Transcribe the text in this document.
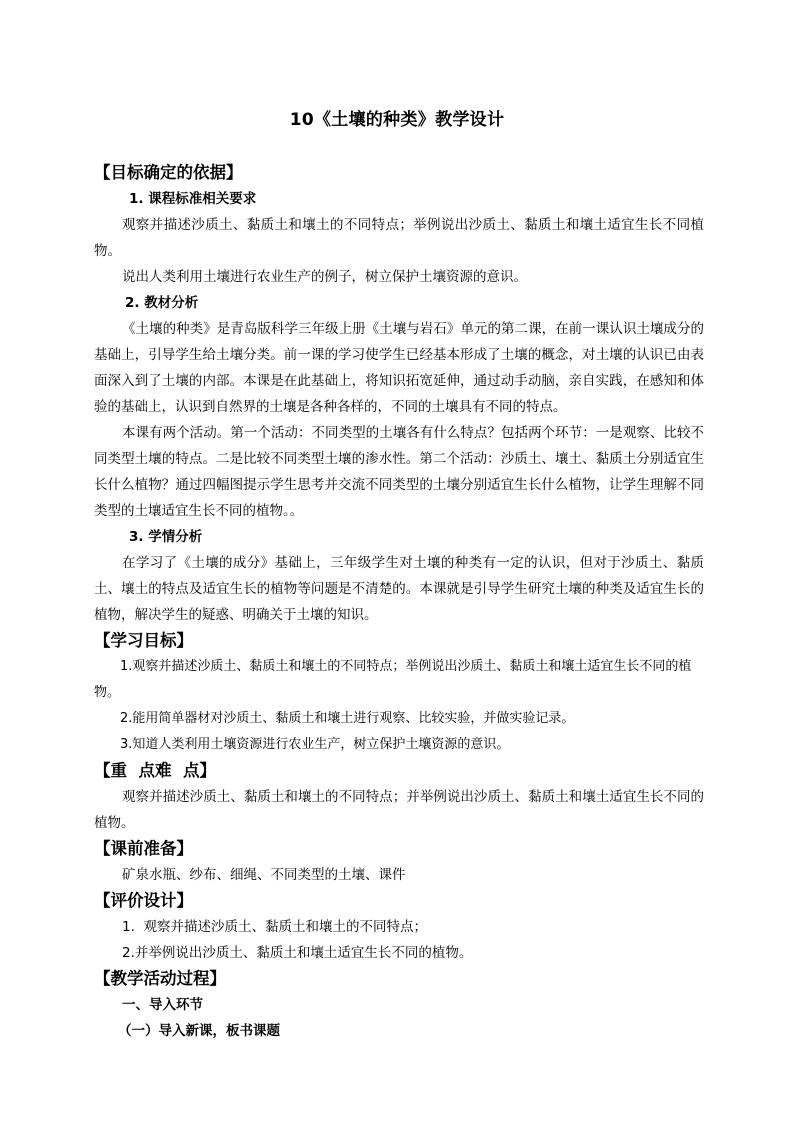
10《土壤的种类》教学设计
【目标确定的依据】
1. 课程标准相关要求

观察并描述沙质土、黏质土和壤土的不同特点；举例说出沙质土、黏质土和壤土适宜生长不同植物。

说出人类利用土壤进行农业生产的例子，树立保护土壤资源的意识。

2. 教材分析

《土壤的种类》是青岛版科学三年级上册《土壤与岩石》单元的第二课，在前一课认识土壤成分的基础上，引导学生给土壤分类。前一课的学习使学生已经基本形成了土壤的概念，对土壤的认识已由表面深入到了土壤的内部。本课是在此基础上，将知识拓宽延伸，通过动手动脑，亲自实践，在感知和体验的基础上，认识到自然界的土壤是各种各样的，不同的土壤具有不同的特点。

本课有两个活动。第一个活动：不同类型的土壤各有什么特点？包括两个环节：一是观察、比较不同类型土壤的特点。二是比较不同类型土壤的渗水性。第二个活动：沙质土、壤土、黏质土分别适宜生长什么植物？通过四幅图提示学生思考并交流不同类型的土壤分别适宜生长什么植物，让学生理解不同类型的土壤适宜生长不同的植物。。

3. 学情分析

在学习了《土壤的成分》基础上，三年级学生对土壤的种类有一定的认识，但对于沙质土、黏质土、壤土的特点及适宜生长的植物等问题是不清楚的。本课就是引导学生研究土壤的种类及适宜生长的植物，解决学生的疑惑、明确关于土壤的知识。

【学习目标】

1.观察并描述沙质土、黏质土和壤土的不同特点；举例说出沙质土、黏质土和壤土适宜生长不同的植物。

2.能用简单器材对沙质土、黏质土和壤土进行观察、比较实验，并做实验记录。

3.知道人类利用土壤资源进行农业生产，树立保护土壤资源的意识。

【重  点难  点】

观察并描述沙质土、黏质土和壤土的不同特点；并举例说出沙质土、黏质土和壤土适宜生长不同的植物。

【课前准备】

矿泉水瓶、纱布、细绳、不同类型的土壤、课件

【评价设计】

1.  观察并描述沙质土、黏质土和壤土的不同特点；

2.并举例说出沙质土、黏质土和壤土适宜生长不同的植物。

【教学活动过程】
一、导入环节
（一）导入新课，板书课题
